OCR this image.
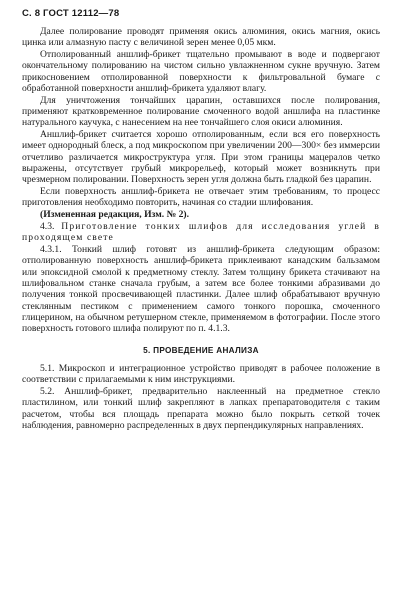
С. 8 ГОСТ 12112—78

Далее полирование проводят применяя окись алюминия, окись магния, окись цинка или алмазную пасту с величиной зерен менее 0,05 мкм.

Отполированный аншлиф-брикет тщательно промывают в воде и подвергают окончательному полированию на чистом сильно увлажненном сукне вручную. Затем прикосновением отполированной поверхности к фильтровальной бумаге с обработанной поверхности аншлиф-брикета удаляют влагу.

Для уничтожения тончайших царапин, оставшихся после полирования, применяют кратковременное полирование смоченного водой аншлифа на пластинке натурального каучука, с нанесением на нее тончайшего слоя окиси алюминия.

Аншлиф-брикет считается хорошо отполированным, если вся его поверхность имеет однородный блеск, а под микроскопом при увеличении 200—300× без иммерсии отчетливо различается микроструктура угля. При этом границы мацералов четко выражены, отсутствует грубый микрорельеф, который может возникнуть при чрезмерном полировании. Поверхность зерен угля должна быть гладкой без царапин.

Если поверхность аншлиф-брикета не отвечает этим требованиям, то процесс приготовления необходимо повторить, начиная со стадии шлифования.

(Измененная редакция, Изм. № 2).

4.3. Приготовление тонких шлифов для исследования углей в проходящем свете

4.3.1. Тонкий шлиф готовят из аншлиф-брикета следующим образом: отполированную поверхность аншлиф-брикета приклеивают канадским бальзамом или эпоксидной смолой к предметному стеклу. Затем толщину брикета стачивают на шлифовальном станке сначала грубым, а затем все более тонкими абразивами до получения тонкой просвечивающей пластинки. Далее шлиф обрабатывают вручную стеклянным пестиком с применением самого тонкого порошка, смоченного глицерином, на обычном ретушерном стекле, применяемом в фотографии. После этого поверхность готового шлифа полируют по п. 4.1.3.

5. ПРОВЕДЕНИЕ АНАЛИЗА

5.1. Микроскоп и интеграционное устройство приводят в рабочее положение в соответствии с прилагаемыми к ним инструкциями.

5.2. Аншлиф-брикет, предварительно наклеенный на предметное стекло пластилином, или тонкий шлиф закрепляют в лапках препаратоводителя с таким расчетом, чтобы вся площадь препарата можно было покрыть сеткой точек наблюдения, равномерно распределенных в двух перпендикулярных направлениях.
